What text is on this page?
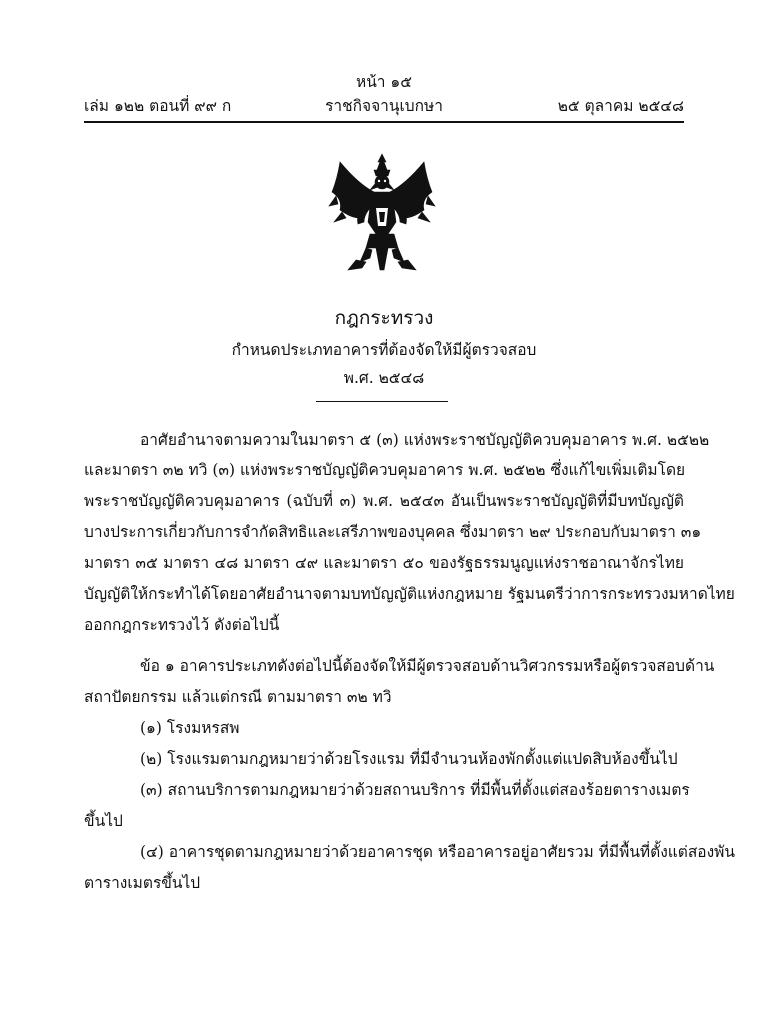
หน้า ๑๕
เล่ม ๑๒๒ ตอนที่ ๙๙ ก	ราชกิจจานุเบกษา	๒๕ ตุลาคม ๒๕๔๘
กฎกระทรวง
กำหนดประเภทอาคารที่ต้องจัดให้มีผู้ตรวจสอบ
พ.ศ. ๒๕๔๘
อาศัยอำนาจตามความในมาตรา ๕ (๓) แห่งพระราชบัญญัติควบคุมอาคาร พ.ศ. ๒๕๒๒
และมาตรา ๓๒ ทวิ (๓) แห่งพระราชบัญญัติควบคุมอาคาร พ.ศ. ๒๕๒๒ ซึ่งแก้ไขเพิ่มเติมโดย
พระราชบัญญัติควบคุมอาคาร (ฉบับที่ ๓) พ.ศ. ๒๕๔๓ อันเป็นพระราชบัญญัติที่มีบทบัญญัติ
บางประการเกี่ยวกับการจำกัดสิทธิและเสรีภาพของบุคคล ซึ่งมาตรา ๒๙ ประกอบกับมาตรา ๓๑
มาตรา ๓๕ มาตรา ๔๘ มาตรา ๔๙ และมาตรา ๕๐ ของรัฐธรรมนูญแห่งราชอาณาจักรไทย
บัญญัติให้กระทำได้โดยอาศัยอำนาจตามบทบัญญัติแห่งกฎหมาย รัฐมนตรีว่าการกระทรวงมหาดไทย
ออกกฎกระทรวงไว้ ดังต่อไปนี้
ข้อ ๑ อาคารประเภทดังต่อไปนี้ต้องจัดให้มีผู้ตรวจสอบด้านวิศวกรรมหรือผู้ตรวจสอบด้าน
สถาปัตยกรรม แล้วแต่กรณี ตามมาตรา ๓๒ ทวิ
(๑) โรงมหรสพ
(๒) โรงแรมตามกฎหมายว่าด้วยโรงแรม ที่มีจำนวนห้องพักตั้งแต่แปดสิบห้องขึ้นไป
(๓) สถานบริการตามกฎหมายว่าด้วยสถานบริการ ที่มีพื้นที่ตั้งแต่สองร้อยตารางเมตร
ขึ้นไป
(๔) อาคารชุดตามกฎหมายว่าด้วยอาคารชุด หรืออาคารอยู่อาศัยรวม ที่มีพื้นที่ตั้งแต่สองพัน
ตารางเมตรขึ้นไป
